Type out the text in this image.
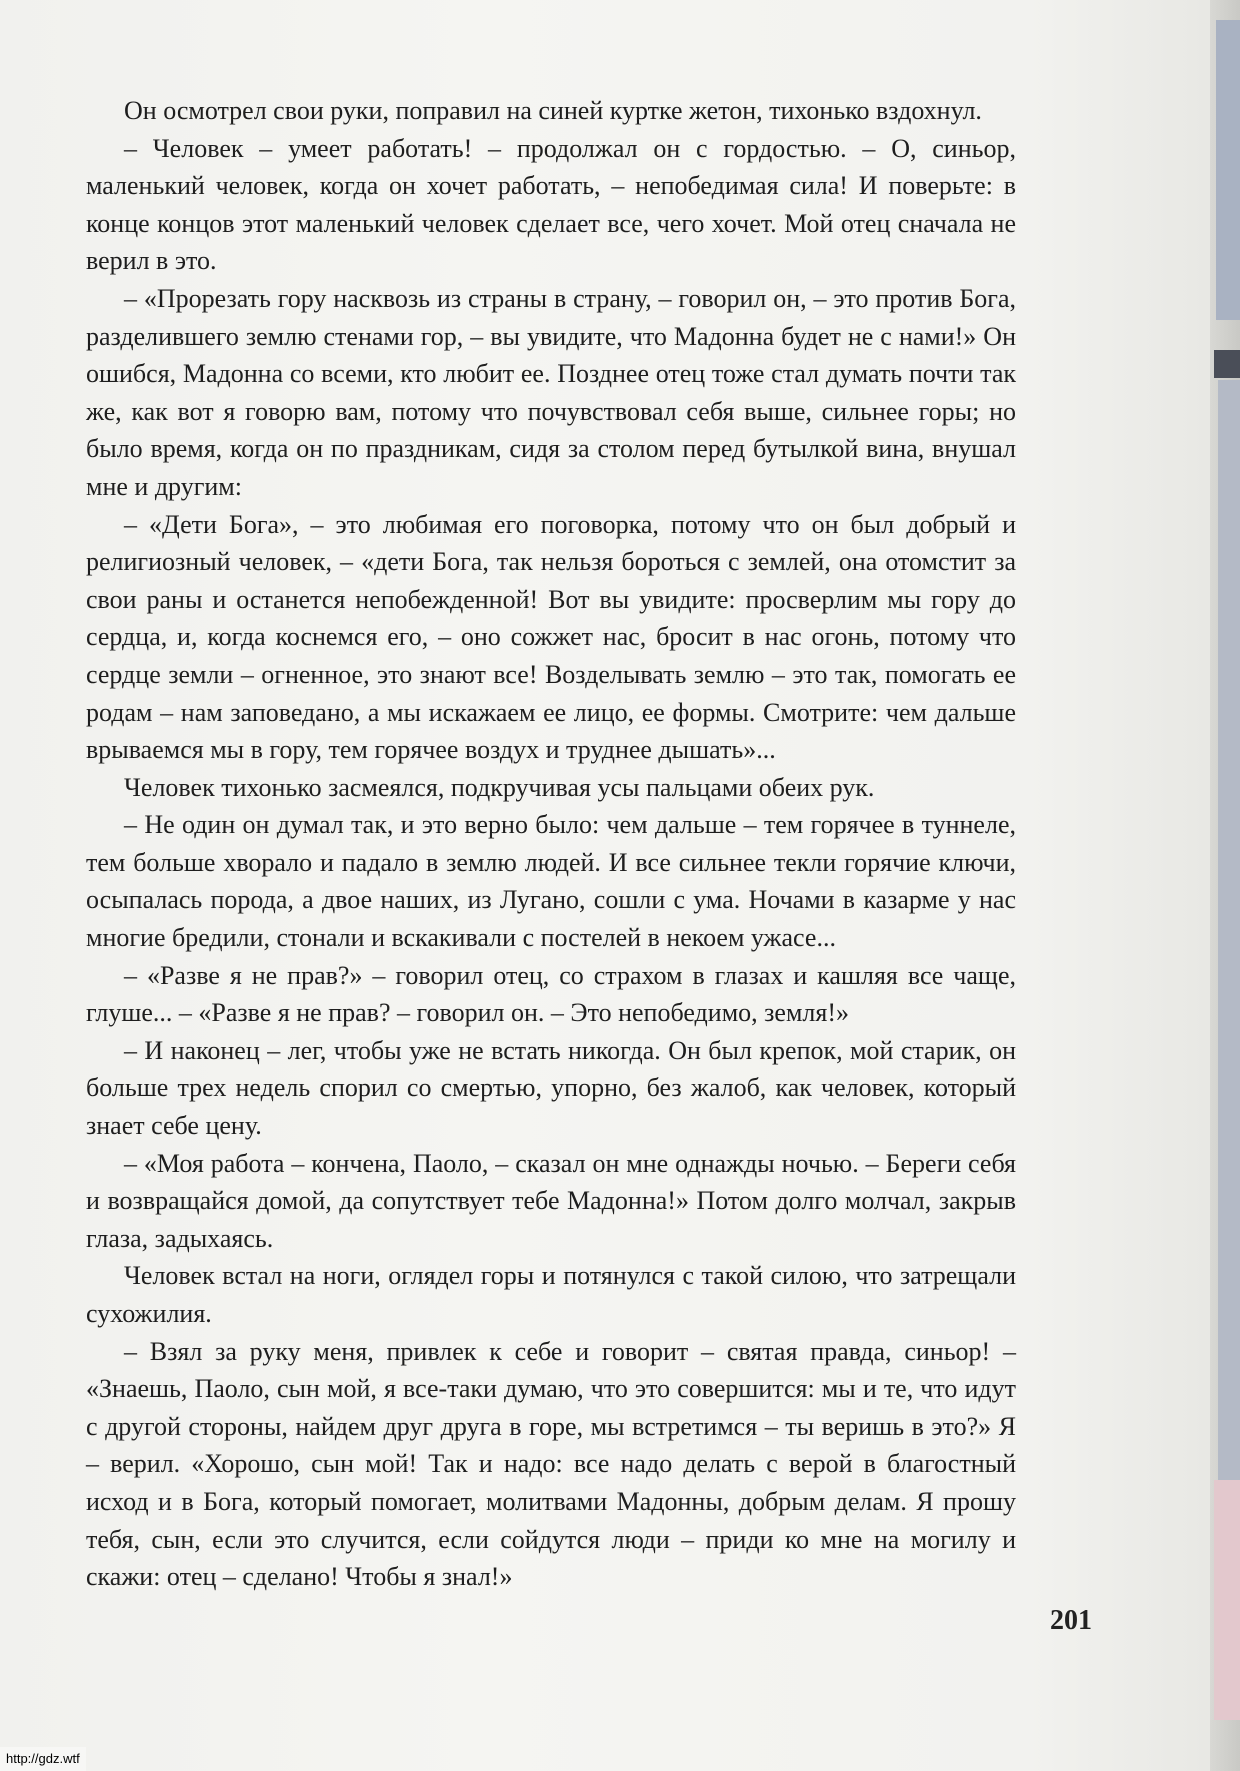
Он осмотрел свои руки, поправил на синей куртке жетон, тихонько вздохнул.

– Человек – умеет работать! – продолжал он с гордостью. – О, синьор, маленький человек, когда он хочет работать, – непобедимая сила! И поверьте: в конце концов этот маленький человек сделает все, чего хочет. Мой отец сначала не верил в это.

– «Прорезать гору насквозь из страны в страну, – говорил он, – это против Бога, разделившего землю стенами гор, – вы увидите, что Мадонна будет не с нами!» Он ошибся, Мадонна со всеми, кто любит ее. Позднее отец тоже стал думать почти так же, как вот я говорю вам, потому что почувствовал себя выше, сильнее горы; но было время, когда он по праздникам, сидя за столом перед бутылкой вина, внушал мне и другим:

– «Дети Бога», – это любимая его поговорка, потому что он был добрый и религиозный человек, – «дети Бога, так нельзя бороться с землей, она отомстит за свои раны и останется непобежденной! Вот вы увидите: просверлим мы гору до сердца, и, когда коснемся его, – оно сожжет нас, бросит в нас огонь, потому что сердце земли – огненное, это знают все! Возделывать землю – это так, помогать ее родам – нам заповедано, а мы искажаем ее лицо, ее формы. Смотрите: чем дальше врываемся мы в гору, тем горячее воздух и труднее дышать»...

Человек тихонько засмеялся, подкручивая усы пальцами обеих рук.

– Не один он думал так, и это верно было: чем дальше – тем горячее в туннеле, тем больше хворало и падало в землю людей. И все сильнее текли горячие ключи, осыпалась порода, а двое наших, из Лугано, сошли с ума. Ночами в казарме у нас многие бредили, стонали и вскакивали с постелей в некоем ужасе...

– «Разве я не прав?» – говорил отец, со страхом в глазах и кашляя все чаще, глуше... – «Разве я не прав? – говорил он. – Это непобедимо, земля!»

– И наконец – лег, чтобы уже не встать никогда. Он был крепок, мой старик, он больше трех недель спорил со смертью, упорно, без жалоб, как человек, который знает себе цену.

– «Моя работа – кончена, Паоло, – сказал он мне однажды ночью. – Береги себя и возвращайся домой, да сопутствует тебе Мадонна!» Потом долго молчал, закрыв глаза, задыхаясь.

Человек встал на ноги, оглядел горы и потянулся с такой силою, что затрещали сухожилия.

– Взял за руку меня, привлек к себе и говорит – святая правда, синьор! – «Знаешь, Паоло, сын мой, я все-таки думаю, что это совершится: мы и те, что идут с другой стороны, найдем друг друга в горе, мы встретимся – ты веришь в это?» Я – верил. «Хорошо, сын мой! Так и надо: все надо делать с верой в благостный исход и в Бога, который помогает, молитвами Мадонны, добрым делам. Я прошу тебя, сын, если это случится, если сойдутся люди – приди ко мне на могилу и скажи: отец – сделано! Чтобы я знал!»

201
http://gdz.wtf
